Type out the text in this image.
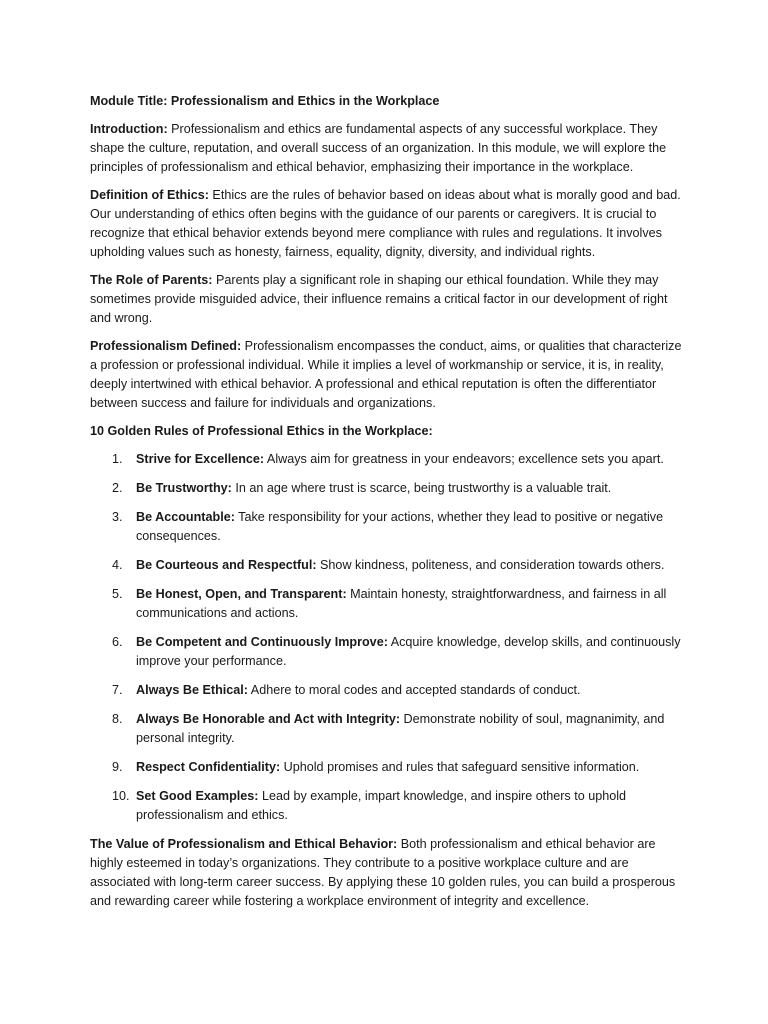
Module Title: Professionalism and Ethics in the Workplace

Introduction: Professionalism and ethics are fundamental aspects of any successful workplace. They shape the culture, reputation, and overall success of an organization. In this module, we will explore the principles of professionalism and ethical behavior, emphasizing their importance in the workplace.

Definition of Ethics: Ethics are the rules of behavior based on ideas about what is morally good and bad. Our understanding of ethics often begins with the guidance of our parents or caregivers. It is crucial to recognize that ethical behavior extends beyond mere compliance with rules and regulations. It involves upholding values such as honesty, fairness, equality, dignity, diversity, and individual rights.

The Role of Parents: Parents play a significant role in shaping our ethical foundation. While they may sometimes provide misguided advice, their influence remains a critical factor in our development of right and wrong.

Professionalism Defined: Professionalism encompasses the conduct, aims, or qualities that characterize a profession or professional individual. While it implies a level of workmanship or service, it is, in reality, deeply intertwined with ethical behavior. A professional and ethical reputation is often the differentiator between success and failure for individuals and organizations.

10 Golden Rules of Professional Ethics in the Workplace:

1.	Strive for Excellence: Always aim for greatness in your endeavors; excellence sets you apart.
2.	Be Trustworthy: In an age where trust is scarce, being trustworthy is a valuable trait.
3.	Be Accountable: Take responsibility for your actions, whether they lead to positive or negative consequences.
4.	Be Courteous and Respectful: Show kindness, politeness, and consideration towards others.
5.	Be Honest, Open, and Transparent: Maintain honesty, straightforwardness, and fairness in all communications and actions.
6.	Be Competent and Continuously Improve: Acquire knowledge, develop skills, and continuously improve your performance.
7.	Always Be Ethical: Adhere to moral codes and accepted standards of conduct.
8.	Always Be Honorable and Act with Integrity: Demonstrate nobility of soul, magnanimity, and personal integrity.
9.	Respect Confidentiality: Uphold promises and rules that safeguard sensitive information.
10. Set Good Examples: Lead by example, impart knowledge, and inspire others to uphold professionalism and ethics.

The Value of Professionalism and Ethical Behavior: Both professionalism and ethical behavior are highly esteemed in today’s organizations. They contribute to a positive workplace culture and are associated with long-term career success. By applying these 10 golden rules, you can build a prosperous and rewarding career while fostering a workplace environment of integrity and excellence.
